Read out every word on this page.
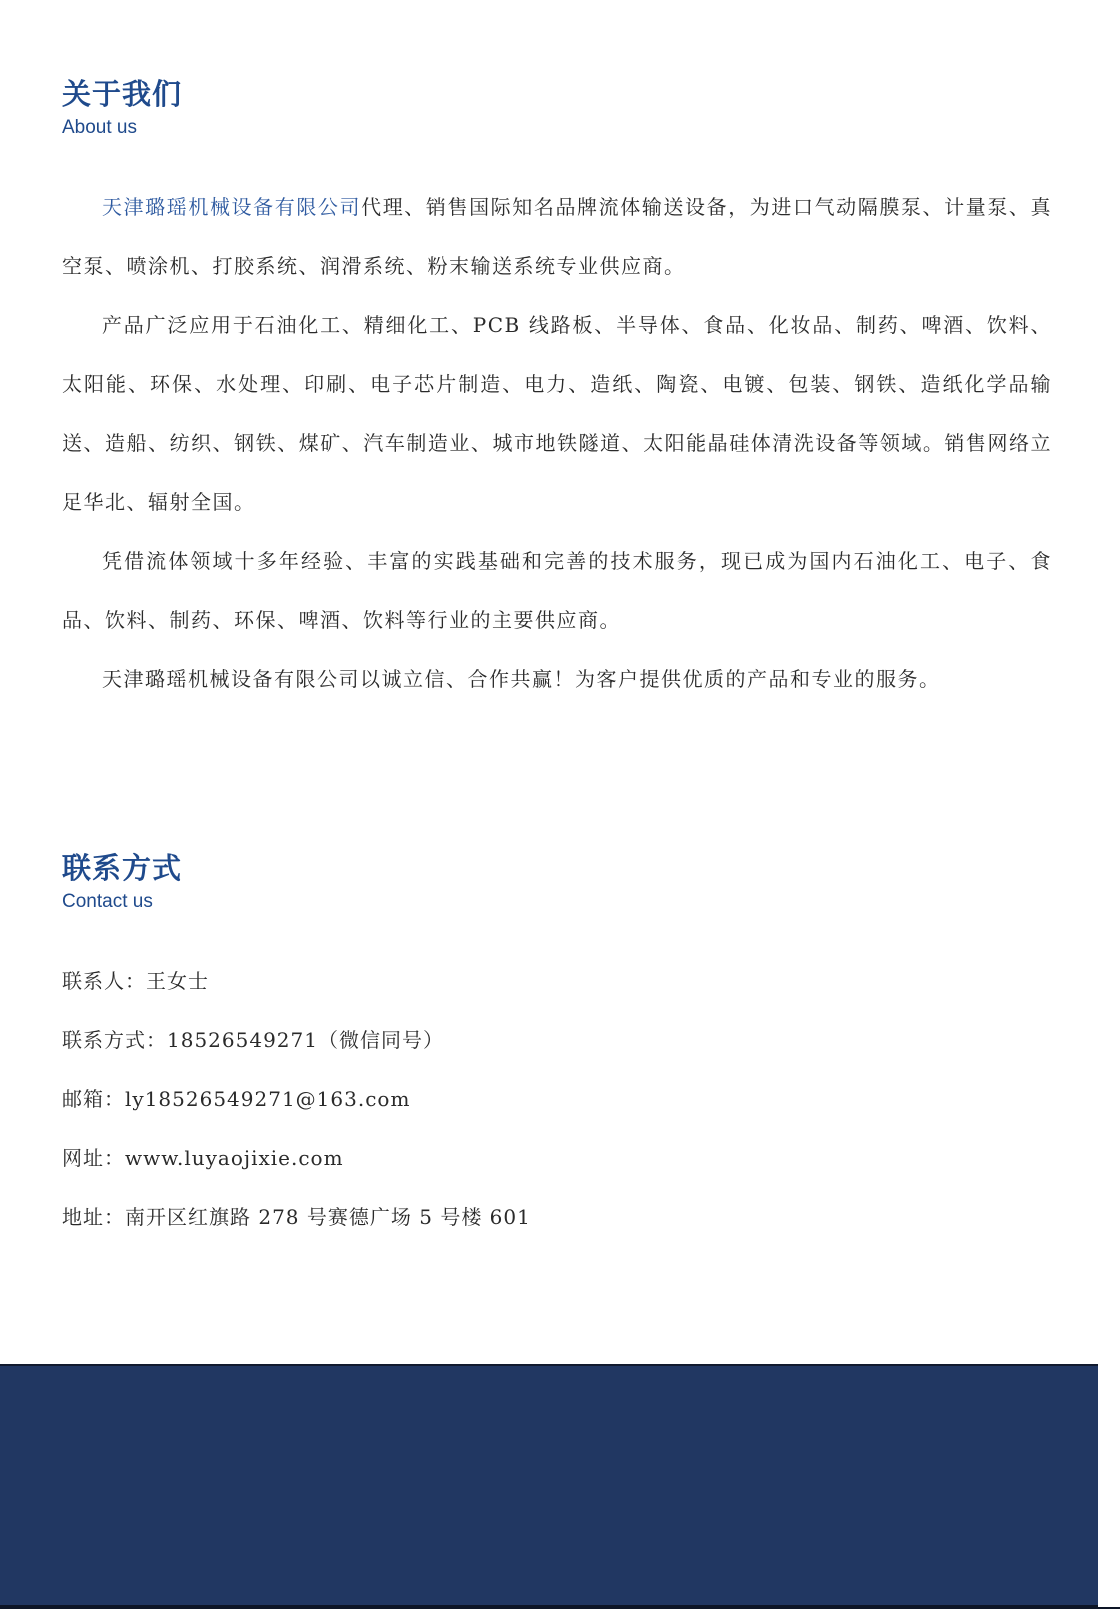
关于我们
About us

天津璐瑶机械设备有限公司代理、销售国际知名品牌流体输送设备，为进口气动隔膜泵、计量泵、真空泵、喷涂机、打胶系统、润滑系统、粉末输送系统专业供应商。

产品广泛应用于石油化工、精细化工、PCB 线路板、半导体、食品、化妆品、制药、啤酒、饮料、太阳能、环保、水处理、印刷、电子芯片制造、电力、造纸、陶瓷、电镀、包装、钢铁、造纸化学品输送、造船、纺织、钢铁、煤矿、汽车制造业、城市地铁隧道、太阳能晶硅体清洗设备等领域。销售网络立足华北、辐射全国。

凭借流体领域十多年经验、丰富的实践基础和完善的技术服务，现已成为国内石油化工、电子、食品、饮料、制药、环保、啤酒、饮料等行业的主要供应商。

天津璐瑶机械设备有限公司以诚立信、合作共赢！为客户提供优质的产品和专业的服务。

联系方式
Contact us

联系人：王女士

联系方式：18526549271（微信同号）

邮箱：ly18526549271@163.com

网址：www.luyaojixie.com

地址：南开区红旗路 278 号赛德广场 5 号楼 601
